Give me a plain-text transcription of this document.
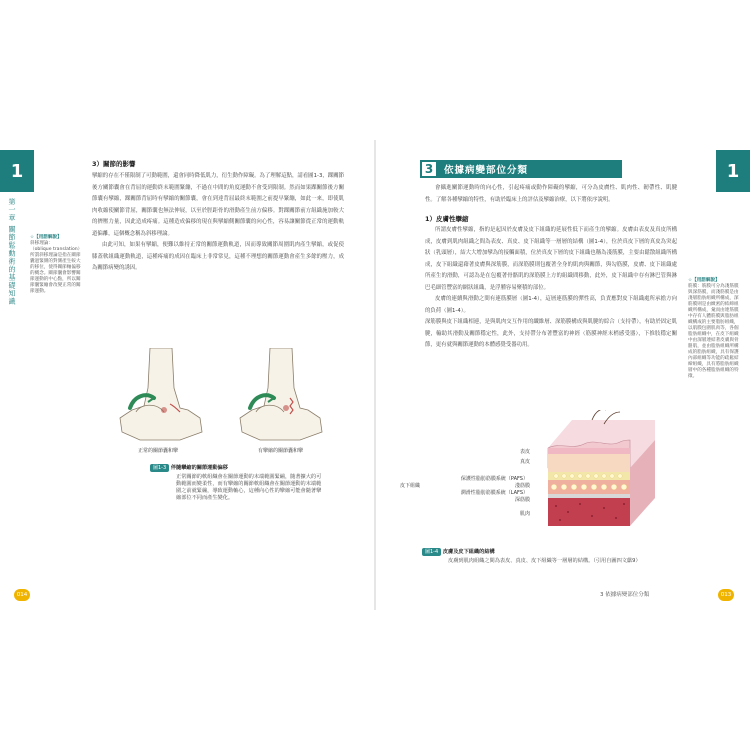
1
第一章 關節鬆動術的基礎知識	☆【用語解說】
斜移理論：
（oblique translation）
所謂斜移理論是指在關節囊過緊側的對側產生較大的移位，使得關節軸偏移的概念。關節囊會影響關節運動的中心點，所以關節囊緊繃會改變正常的關節運動。
3）關節的影響

攣縮的存在不僅限制了可動範圍，還會同時降低肌力，衍生動作障礙。為了理解這點，請看圖1-3，踝關節後方關節囊會在背屈的運動終末範圍緊繃，不過在中間的角度運動不會受到限制。然而如果踝關節後方關節囊有攣縮，踝關節背屈時有攣縮的關節囊，會在到達背屈最終末範圍之前提早緊繃，如此一來，即使肌肉收縮使關節背屈，關節囊也無法伸展，以至於脛距骨的滑動產生前方偏移。對踝關節前方組織施加較大的擠壓力量，因此造成疼痛。這種造成偏移的現在與攣縮側關節囊的向心性，容易讓關節從正常的運動軌道偏離，這個概念稱為斜移理論。

由此可知，如果有攣縮，便難以維持正常的關節運動軌道，因而導致關節周圍肌肉產生攣縮，或促使膝蓋軟組織運動軌道，這種疼痛的成因在臨床上非常常見，這種不理想的關節運動會產生多餘的壓力，成為關節病變的誘因。

正常的關節囊和攣	有攣縮的關節囊和攣
圖1-3 伴隨攣縮的關節運動偏移
正常關節的軟組織會在關節運動的末端範圍緊繃，隨著擴大的可動範圍而變柔性，而有攣縮的關節軟組織會在關節運動的末端範圍之前就緊繃，導致運動軸心，這種向心性的攣縮可能會隨著攣縮部位不同而產生變化。
014
1
3	依據病變部位分類

會攝進關節運動時的向心性，引起疼痛或動作障礙的攣縮，可分為皮膚性、肌肉性、韌帶性、肌腱性。了解各種攣縮的特性，有助於臨床上的評估及攣縮治療，以下將依序說明。

1）皮膚性攣縮

所謂皮膚性攣縮，指的是起因於皮膚及皮下組織的延展性低下而產生的攣縮。皮膚由表皮及真皮所構成，皮膚到肌肉組織之間為表皮、真皮、皮下組織等一層層的結構（圖1-4），位於真皮下層的真皮為突起狀（乳頭層），結大大增加攣為的接觸面積，位於真皮下層的皮下組織也稱為淺筋膜，主要由鬆散組織所構成，皮下組織還藉著皮膚與深筋膜，而深筋膜則包覆著全身的肌肉與關節，與勾筋膜，皮膚、皮下組織處所產生的滑動，可認為是在包覆著骨骼肌的深筋膜上方的組織間移動，此外，皮下組織中存有淋巴管與淋巴毛細管豐富的網狀組織，是浮腫容易聚積的部位。

皮膚的連續與滑動之間有連筋膜層（圖1-4），這層連筋膜的彈性高，負責應對皮下組織處所承擔方向的負荷（圖1-4）。

深筋膜與皮下組織相連，是與肌肉交互作用的纖維層、深筋膜構成與肌腱的綜合（支持帶），有助於固定肌腱，輸助其滑動及關節穩定性，此外，支持帶分布著豐富的神經（筋膜神經末梢感受器），下推肢穩定關節，更有就與關節運動的本體感覺受器功用。

☆【用語解說】
筋膜：筋膜可分為淺筋膜與深筋膜，而淺筋膜是由淺層脂肪組織所構成，深筋膜則是由緻密的結締組織所構成，彙而由連筋膜中存有人體筋膜與脂肪組織構成的主要脂肪組織，以肌膜包圍肌肉等，各個脂肪組織中，在皮下組織中由深層連結著皮膚與骨骼肌，並由脂肪組織所構成的脂肪組織，具有保護內部組織等功能的疏鬆結締組織，具有將脂肪組織層中的各種脂肪組織的特徵。
表皮
真皮
保護性脂肪筋膜系統（PAFS）
皮下組織	淺筋膜
潤滑性脂肪筋膜系統（LAFS）
深筋膜
肌肉
圖1-4 皮膚及皮下組織的結構
皮膚到肌肉組織之間為表皮、真皮、皮下組織等一層層的結構。（引用自圖四文獻9）
3 依據病變部位分類	013
